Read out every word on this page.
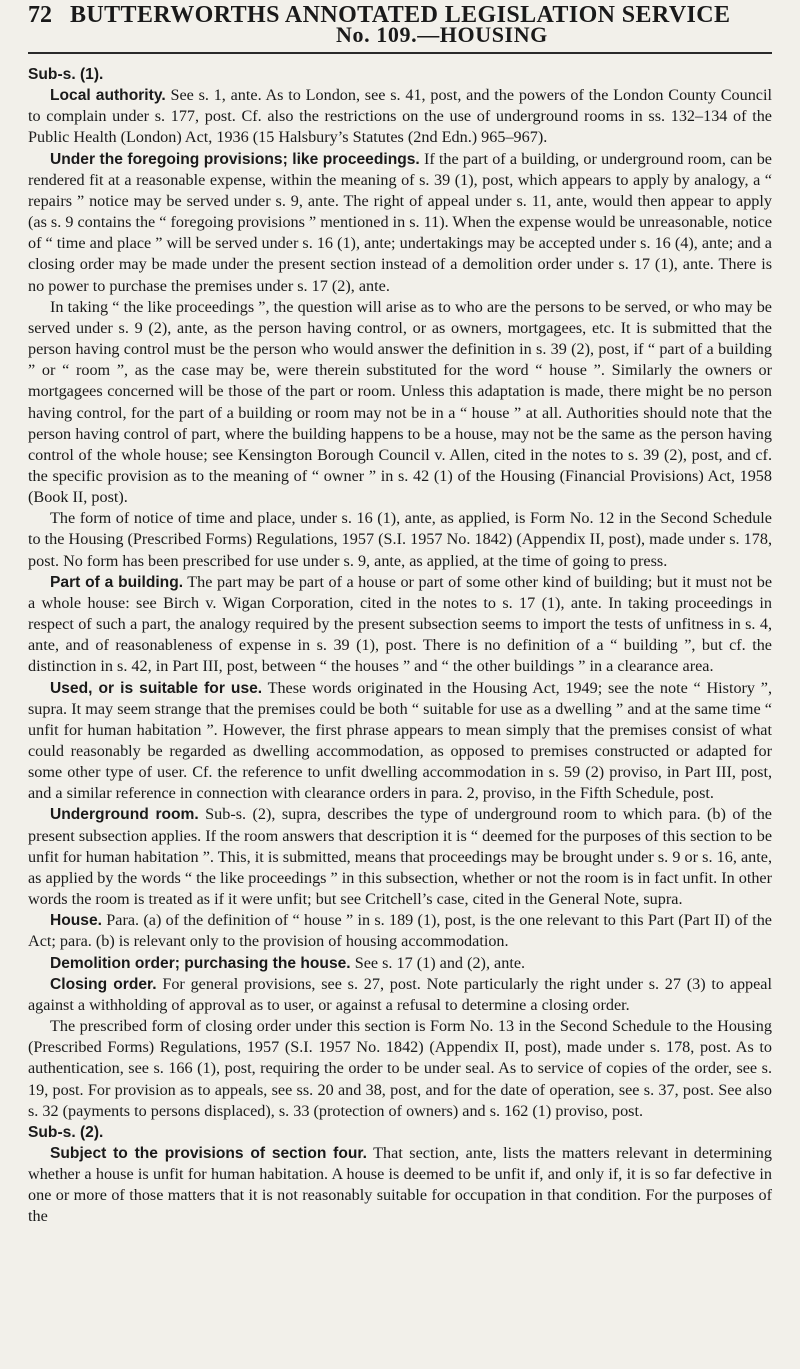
72 BUTTERWORTHS ANNOTATED LEGISLATION SERVICE
No. 109.—HOUSING

Sub-s. (1).

Local authority. See s. 1, ante. As to London, see s. 41, post, and the powers of the London County Council to complain under s. 177, post. Cf. also the restrictions on the use of underground rooms in ss. 132–134 of the Public Health (London) Act, 1936 (15 Halsbury’s Statutes (2nd Edn.) 965–967).

Under the foregoing provisions; like proceedings. If the part of a building, or underground room, can be rendered fit at a reasonable expense, within the meaning of s. 39 (1), post, which appears to apply by analogy, a “ repairs ” notice may be served under s. 9, ante. The right of appeal under s. 11, ante, would then appear to apply (as s. 9 contains the “ foregoing provisions ” mentioned in s. 11). When the expense would be unreasonable, notice of “ time and place ” will be served under s. 16 (1), ante; undertakings may be accepted under s. 16 (4), ante; and a closing order may be made under the present section instead of a demolition order under s. 17 (1), ante. There is no power to purchase the premises under s. 17 (2), ante.

In taking “ the like proceedings ”, the question will arise as to who are the persons to be served, or who may be served under s. 9 (2), ante, as the person having control, or as owners, mortgagees, etc. It is submitted that the person having control must be the person who would answer the definition in s. 39 (2), post, if “ part of a building ” or “ room ”, as the case may be, were therein substituted for the word “ house ”. Similarly the owners or mortgagees concerned will be those of the part or room. Unless this adaptation is made, there might be no person having control, for the part of a building or room may not be in a “ house ” at all. Authorities should note that the person having control of part, where the building happens to be a house, may not be the same as the person having control of the whole house; see Kensington Borough Council v. Allen, cited in the notes to s. 39 (2), post, and cf. the specific provision as to the meaning of “ owner ” in s. 42 (1) of the Housing (Financial Provisions) Act, 1958 (Book II, post).

The form of notice of time and place, under s. 16 (1), ante, as applied, is Form No. 12 in the Second Schedule to the Housing (Prescribed Forms) Regulations, 1957 (S.I. 1957 No. 1842) (Appendix II, post), made under s. 178, post. No form has been prescribed for use under s. 9, ante, as applied, at the time of going to press.

Part of a building. The part may be part of a house or part of some other kind of building; but it must not be a whole house: see Birch v. Wigan Corporation, cited in the notes to s. 17 (1), ante. In taking proceedings in respect of such a part, the analogy required by the present subsection seems to import the tests of unfitness in s. 4, ante, and of reasonableness of expense in s. 39 (1), post. There is no definition of a “ building ”, but cf. the distinction in s. 42, in Part III, post, between “ the houses ” and “ the other buildings ” in a clearance area.

Used, or is suitable for use. These words originated in the Housing Act, 1949; see the note “ History ”, supra. It may seem strange that the premises could be both “ suitable for use as a dwelling ” and at the same time “ unfit for human habitation ”. However, the first phrase appears to mean simply that the premises consist of what could reasonably be regarded as dwelling accommodation, as opposed to premises constructed or adapted for some other type of user. Cf. the reference to unfit dwelling accommodation in s. 59 (2) proviso, in Part III, post, and a similar reference in connection with clearance orders in para. 2, proviso, in the Fifth Schedule, post.

Underground room. Sub-s. (2), supra, describes the type of underground room to which para. (b) of the present subsection applies. If the room answers that description it is “ deemed for the purposes of this section to be unfit for human habitation ”. This, it is submitted, means that proceedings may be brought under s. 9 or s. 16, ante, as applied by the words “ the like proceedings ” in this subsection, whether or not the room is in fact unfit. In other words the room is treated as if it were unfit; but see Critchell’s case, cited in the General Note, supra.

House. Para. (a) of the definition of “ house ” in s. 189 (1), post, is the one relevant to this Part (Part II) of the Act; para. (b) is relevant only to the provision of housing accommodation.

Demolition order; purchasing the house. See s. 17 (1) and (2), ante.

Closing order. For general provisions, see s. 27, post. Note particularly the right under s. 27 (3) to appeal against a withholding of approval as to user, or against a refusal to determine a closing order.

The prescribed form of closing order under this section is Form No. 13 in the Second Schedule to the Housing (Prescribed Forms) Regulations, 1957 (S.I. 1957 No. 1842) (Appendix II, post), made under s. 178, post. As to authentication, see s. 166 (1), post, requiring the order to be under seal. As to service of copies of the order, see s. 19, post. For provision as to appeals, see ss. 20 and 38, post, and for the date of operation, see s. 37, post. See also s. 32 (payments to persons displaced), s. 33 (protection of owners) and s. 162 (1) proviso, post.

Sub-s. (2).

Subject to the provisions of section four. That section, ante, lists the matters relevant in determining whether a house is unfit for human habitation. A house is deemed to be unfit if, and only if, it is so far defective in one or more of those matters that it is not reasonably suitable for occupation in that condition. For the purposes of the
